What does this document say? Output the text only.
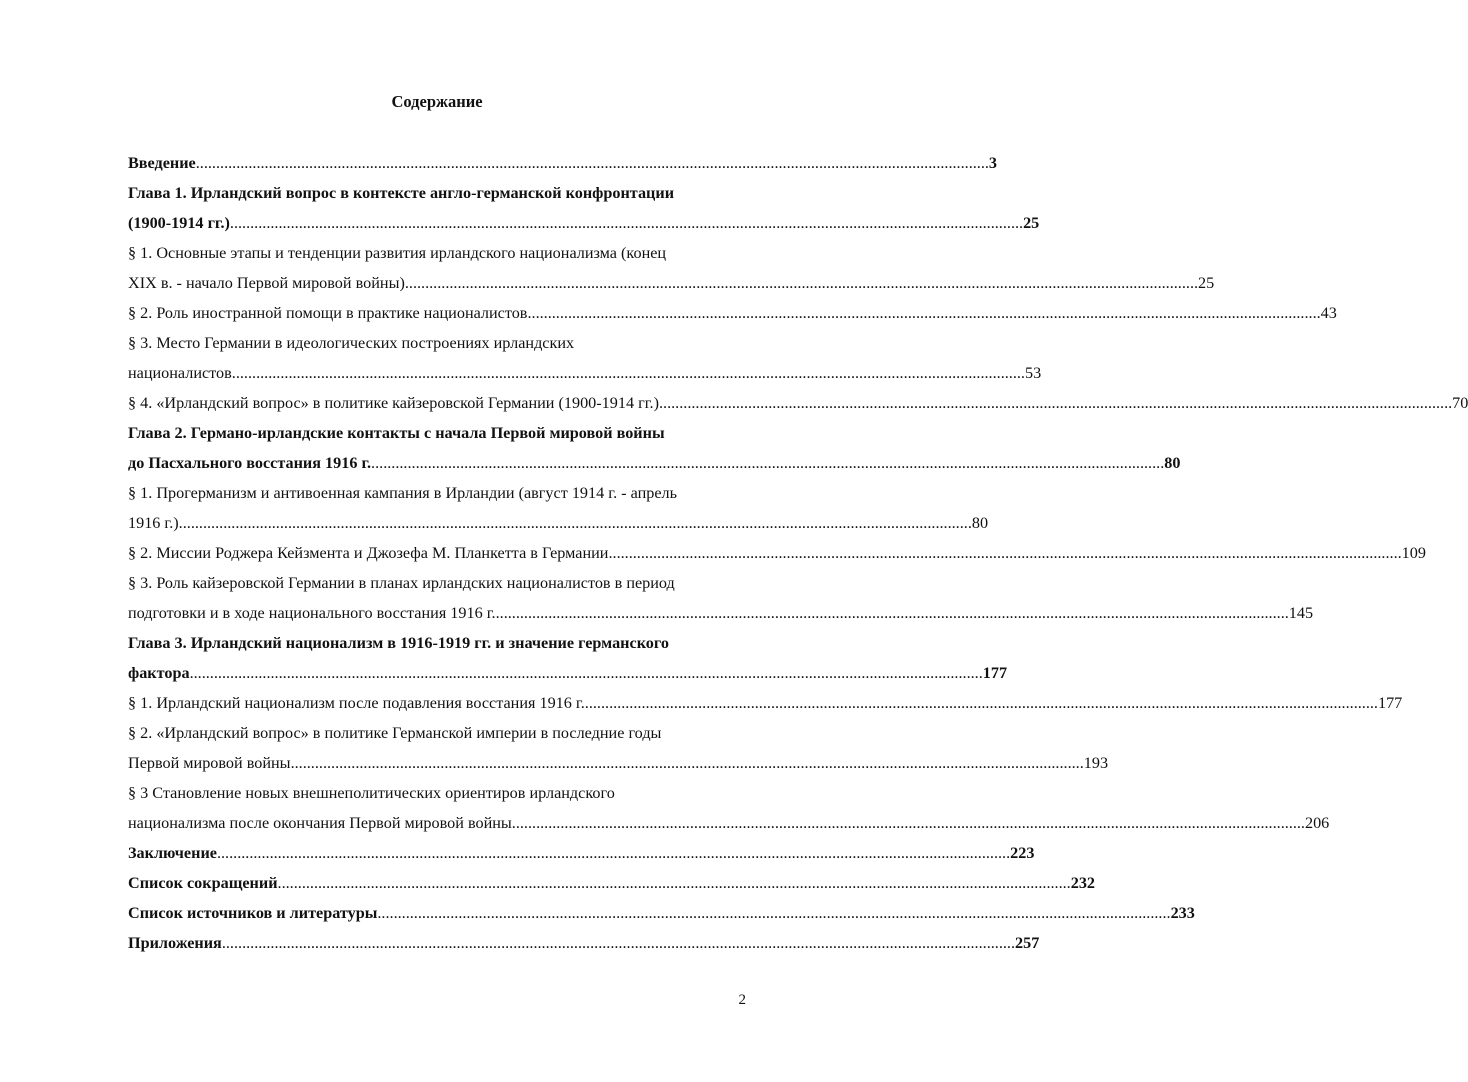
Содержание
Введение .................................................................................................................................................................................................... 3
Глава 1. Ирландский вопрос в контексте англо-германской конфронтации
(1900-1914 гг.) .................................................................................................................................................................................................... 25
§ 1. Основные этапы и тенденции развития ирландского национализма (конец
XIX в. - начало Первой мировой войны) .................................................................................................................................................................................................... 25
§ 2. Роль иностранной помощи в практике националистов .................................................................................................................................................................................................... 43
§ 3. Место Германии в идеологических построениях ирландских
националистов .................................................................................................................................................................................................... 53
§ 4. «Ирландский вопрос» в политике кайзеровской Германии (1900-1914 гг.) .................................................................................................................................................................................................... 70
Глава 2. Германо-ирландские контакты с начала Первой мировой войны
до Пасхального восстания 1916 г. .................................................................................................................................................................................................... 80
§ 1. Прогерманизм и антивоенная кампания в Ирландии (август 1914 г. - апрель
1916 г.) .................................................................................................................................................................................................... 80
§ 2. Миссии Роджера Кейзмента и Джозефа М. Планкетта в Германии .................................................................................................................................................................................................... 109
§ 3. Роль кайзеровской Германии в планах ирландских националистов в период
подготовки и в ходе национального восстания 1916 г. .................................................................................................................................................................................................... 145
Глава 3. Ирландский национализм в 1916-1919 гг. и значение германского
фактора .................................................................................................................................................................................................... 177
§ 1. Ирландский национализм после подавления восстания 1916 г. .................................................................................................................................................................................................... 177
§ 2. «Ирландский вопрос» в политике Германской империи в последние годы
Первой мировой войны .................................................................................................................................................................................................... 193
§ 3 Становление новых внешнеполитических ориентиров ирландского
национализма после окончания Первой мировой войны .................................................................................................................................................................................................... 206
Заключение .................................................................................................................................................................................................... 223
Список сокращений .................................................................................................................................................................................................... 232
Список источников и литературы .................................................................................................................................................................................................... 233
Приложения .................................................................................................................................................................................................... 257
2
